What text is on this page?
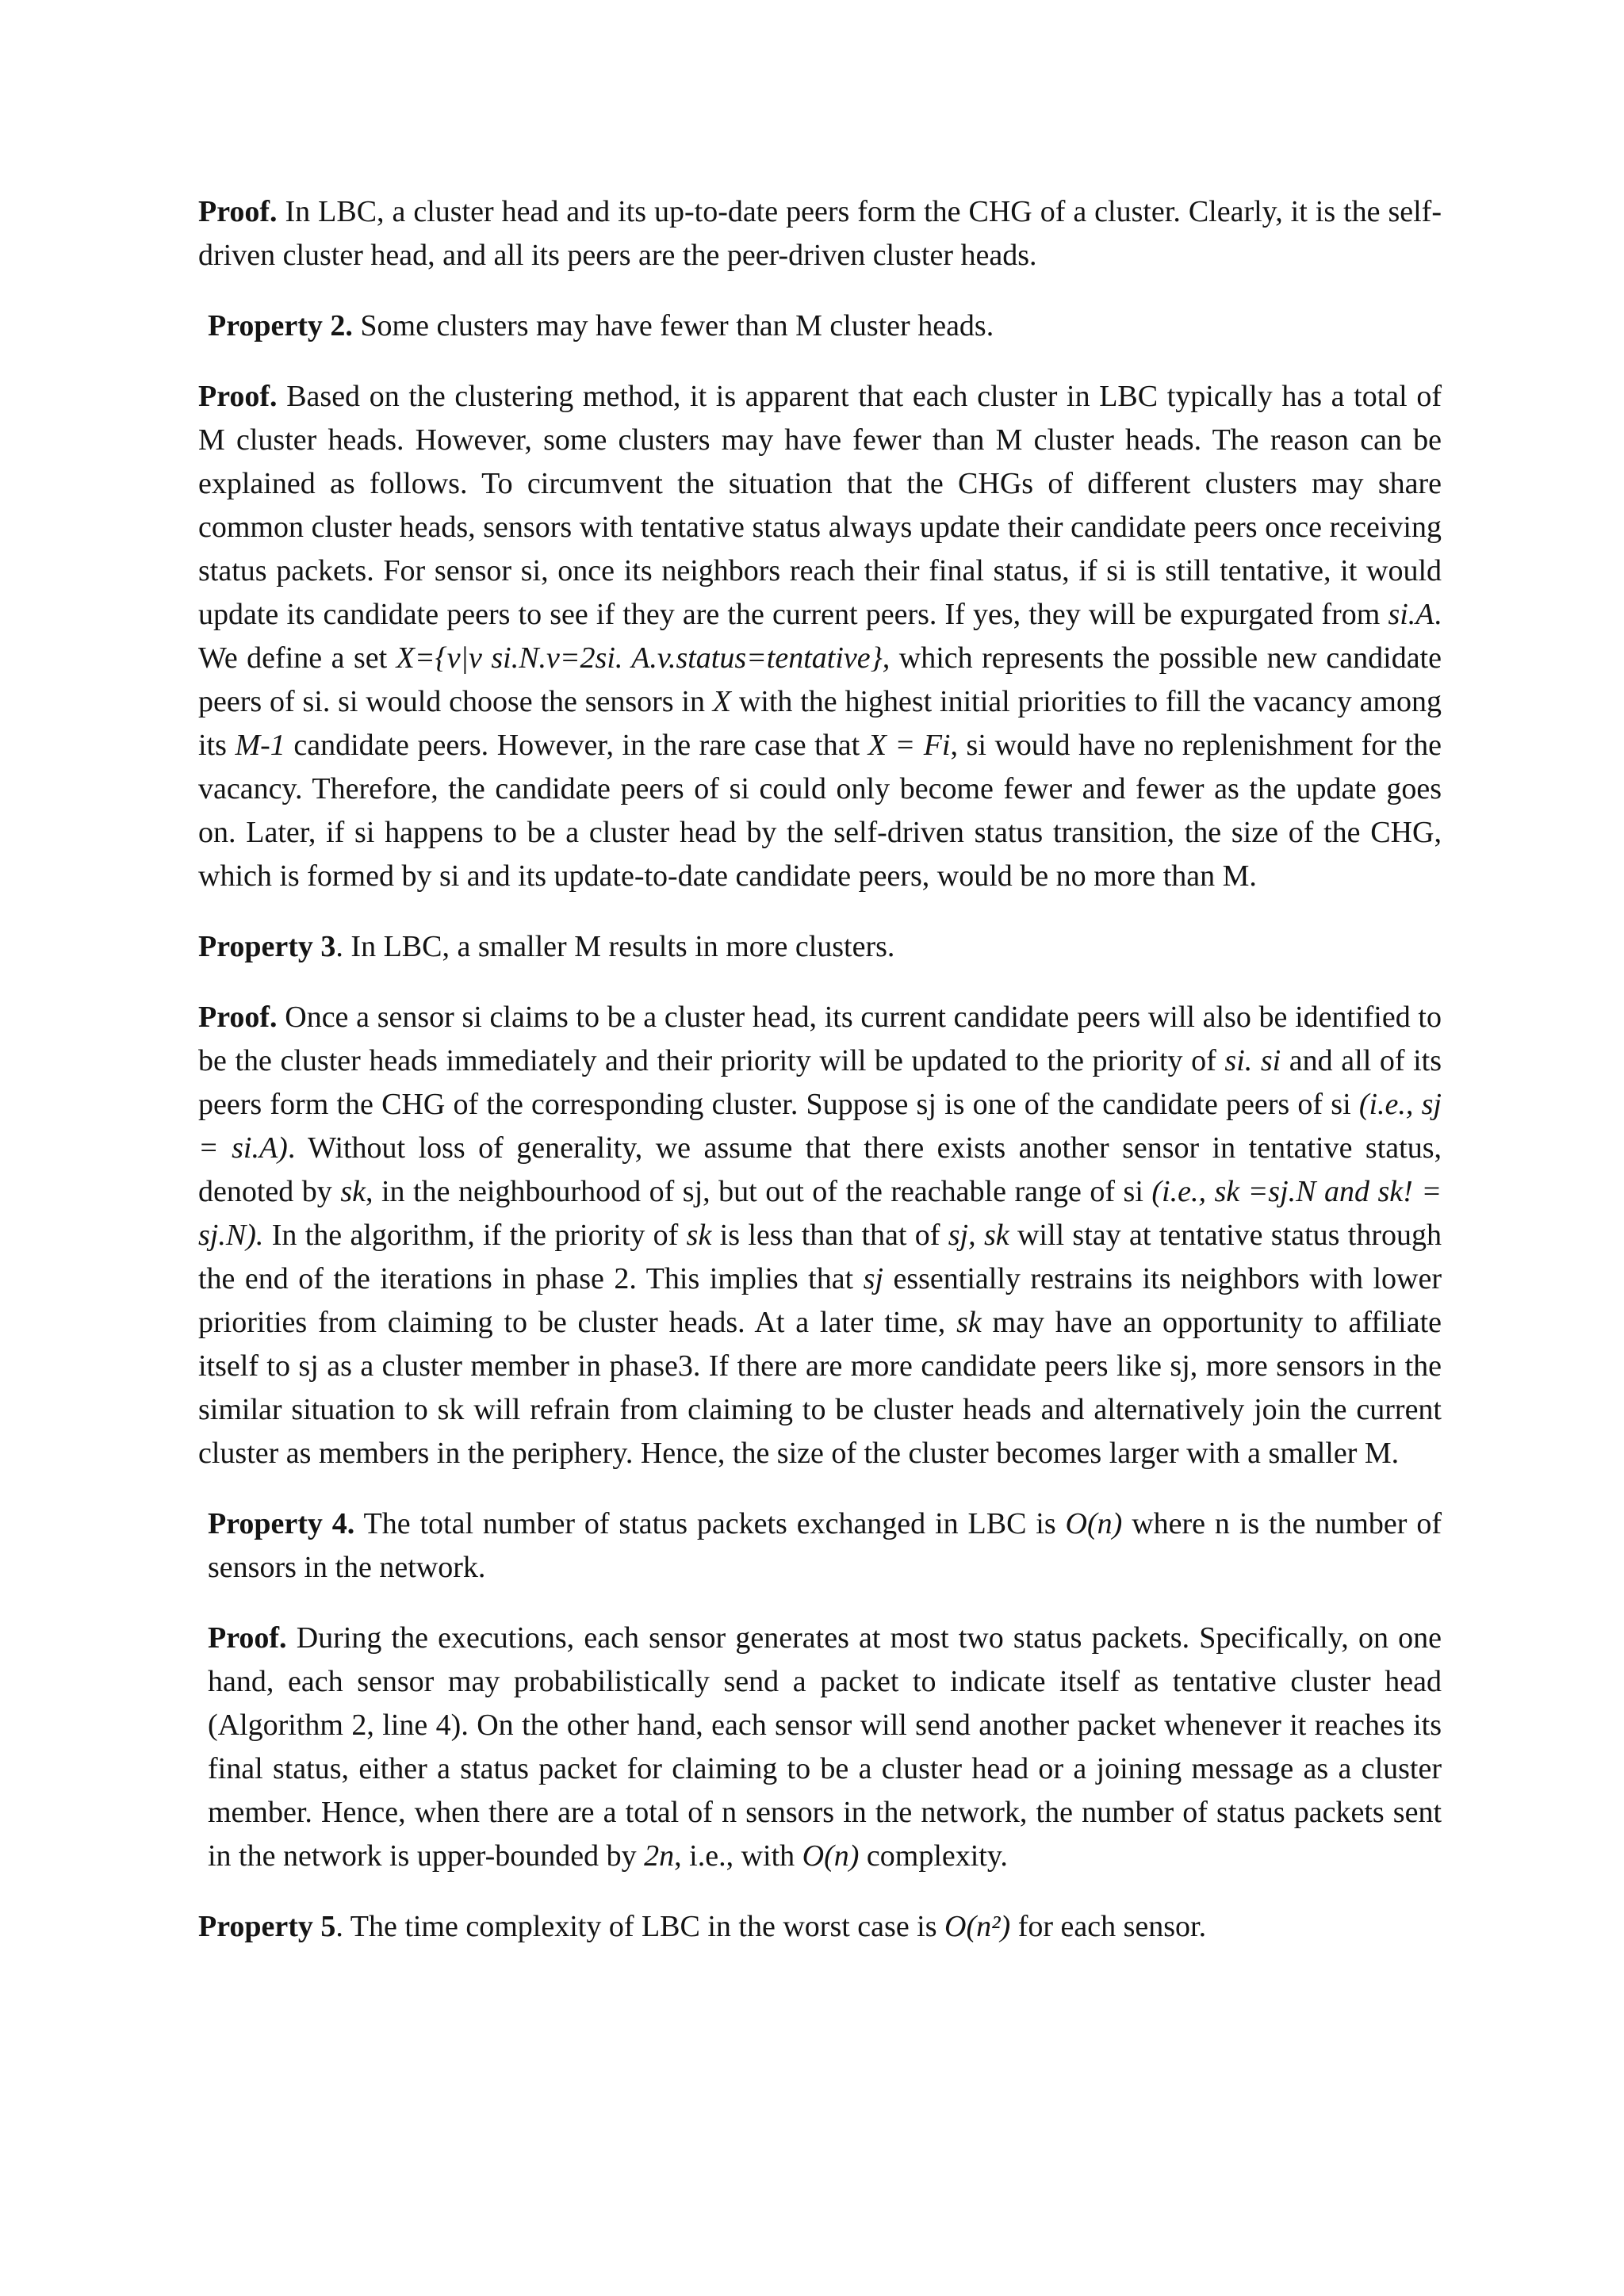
Proof. In LBC, a cluster head and its up-to-date peers form the CHG of a cluster. Clearly, it is the self-driven cluster head, and all its peers are the peer-driven cluster heads.

Property 2. Some clusters may have fewer than M cluster heads.

Proof. Based on the clustering method, it is apparent that each cluster in LBC typically has a total of M cluster heads. However, some clusters may have fewer than M cluster heads. The reason can be explained as follows. To circumvent the situation that the CHGs of different clusters may share common cluster heads, sensors with tentative status always update their candidate peers once receiving status packets. For sensor si, once its neighbors reach their final status, if si is still tentative, it would update its candidate peers to see if they are the current peers. If yes, they will be expurgated from si.A. We define a set X={v|v si.N.v=2si. A.v.status=tentative}, which represents the possible new candidate peers of si. si would choose the sensors in X with the highest initial priorities to fill the vacancy among its M-1 candidate peers. However, in the rare case that X = Fi, si would have no replenishment for the vacancy. Therefore, the candidate peers of si could only become fewer and fewer as the update goes on. Later, if si happens to be a cluster head by the self-driven status transition, the size of the CHG, which is formed by si and its update-to-date candidate peers, would be no more than M.

Property 3. In LBC, a smaller M results in more clusters.

Proof. Once a sensor si claims to be a cluster head, its current candidate peers will also be identified to be the cluster heads immediately and their priority will be updated to the priority of si. si and all of its peers form the CHG of the corresponding cluster. Suppose sj is one of the candidate peers of si (i.e., sj = si.A). Without loss of generality, we assume that there exists another sensor in tentative status, denoted by sk, in the neighbourhood of sj, but out of the reachable range of si (i.e., sk =sj.N and sk! = sj.N). In the algorithm, if the priority of sk is less than that of sj, sk will stay at tentative status through the end of the iterations in phase 2. This implies that sj essentially restrains its neighbors with lower priorities from claiming to be cluster heads. At a later time, sk may have an opportunity to affiliate itself to sj as a cluster member in phase3. If there are more candidate peers like sj, more sensors in the similar situation to sk will refrain from claiming to be cluster heads and alternatively join the current cluster as members in the periphery. Hence, the size of the cluster becomes larger with a smaller M.

Property 4. The total number of status packets exchanged in LBC is O(n) where n is the number of sensors in the network.

Proof. During the executions, each sensor generates at most two status packets. Specifically, on one hand, each sensor may probabilistically send a packet to indicate itself as tentative cluster head (Algorithm 2, line 4). On the other hand, each sensor will send another packet whenever it reaches its final status, either a status packet for claiming to be a cluster head or a joining message as a cluster member. Hence, when there are a total of n sensors in the network, the number of status packets sent in the network is upper-bounded by 2n, i.e., with O(n) complexity.

Property 5. The time complexity of LBC in the worst case is O(n²) for each sensor.
